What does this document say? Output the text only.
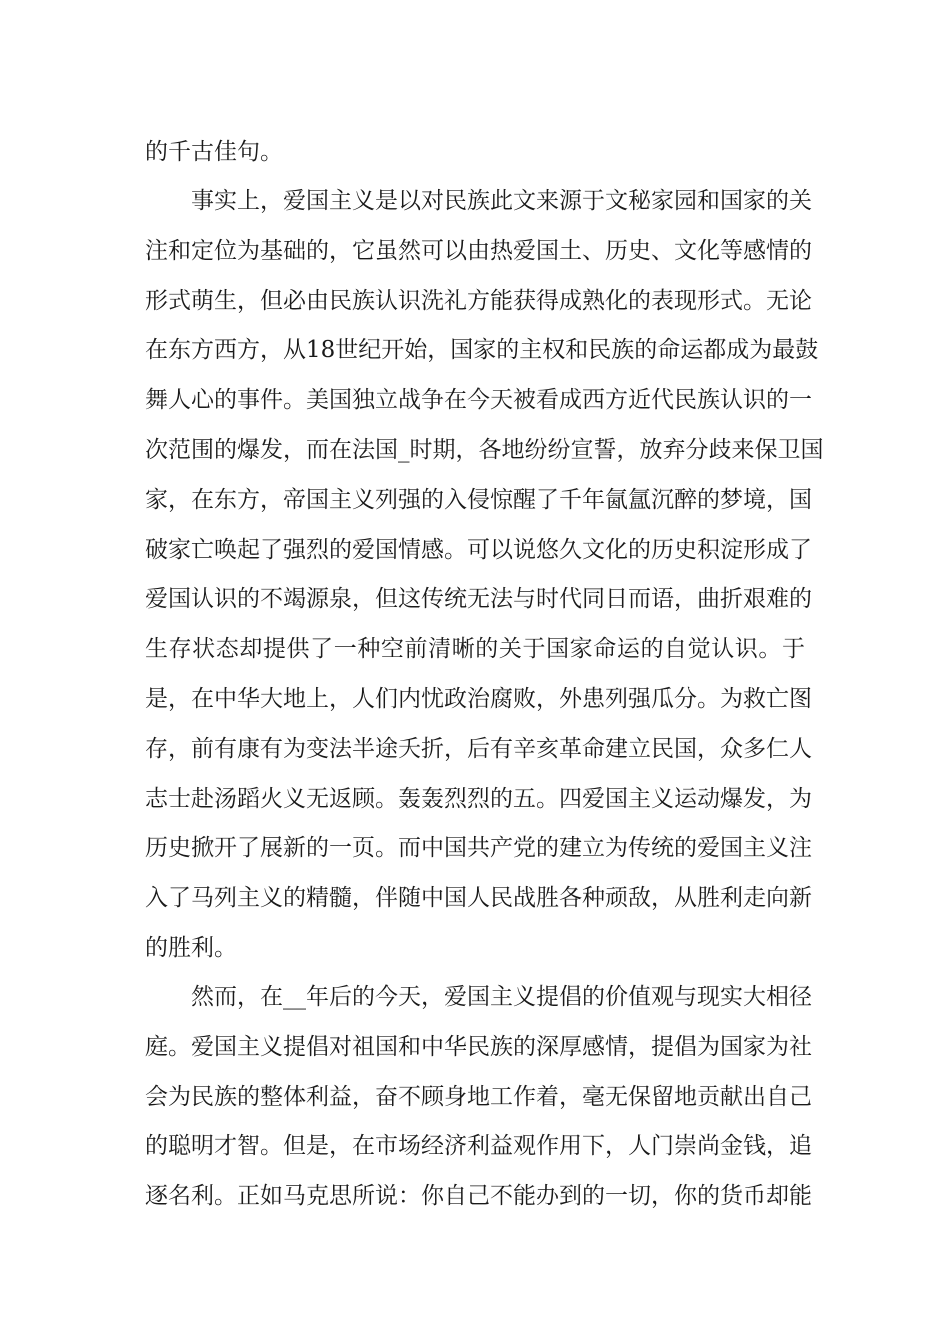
的千古佳句。
事实上，爱国主义是以对民族此文来源于文秘家园和国家的关
注和定位为基础的，它虽然可以由热爱国土、历史、文化等感情的
形式萌生，但必由民族认识洗礼方能获得成熟化的表现形式。无论
在东方西方，从18世纪开始，国家的主权和民族的命运都成为最鼓
舞人心的事件。美国独立战争在今天被看成西方近代民族认识的一
次范围的爆发，而在法国_时期，各地纷纷宣誓，放弃分歧来保卫国
家，在东方，帝国主义列强的入侵惊醒了千年氤氲沉醉的梦境，国
破家亡唤起了强烈的爱国情感。可以说悠久文化的历史积淀形成了
爱国认识的不竭源泉，但这传统无法与时代同日而语，曲折艰难的
生存状态却提供了一种空前清晰的关于国家命运的自觉认识。于
是，在中华大地上，人们内忧政治腐败，外患列强瓜分。为救亡图
存，前有康有为变法半途夭折，后有辛亥革命建立民国，众多仁人
志士赴汤蹈火义无返顾。轰轰烈烈的五。四爱国主义运动爆发，为
历史掀开了展新的一页。而中国共产党的建立为传统的爱国主义注
入了马列主义的精髓，伴随中国人民战胜各种顽敌，从胜利走向新
的胜利。
然而，在__年后的今天，爱国主义提倡的价值观与现实大相径
庭。爱国主义提倡对祖国和中华民族的深厚感情，提倡为国家为社
会为民族的整体利益，奋不顾身地工作着，毫无保留地贡献出自己
的聪明才智。但是，在市场经济利益观作用下，人门崇尚金钱，追
逐名利。正如马克思所说：你自己不能办到的一切，你的货币却能
